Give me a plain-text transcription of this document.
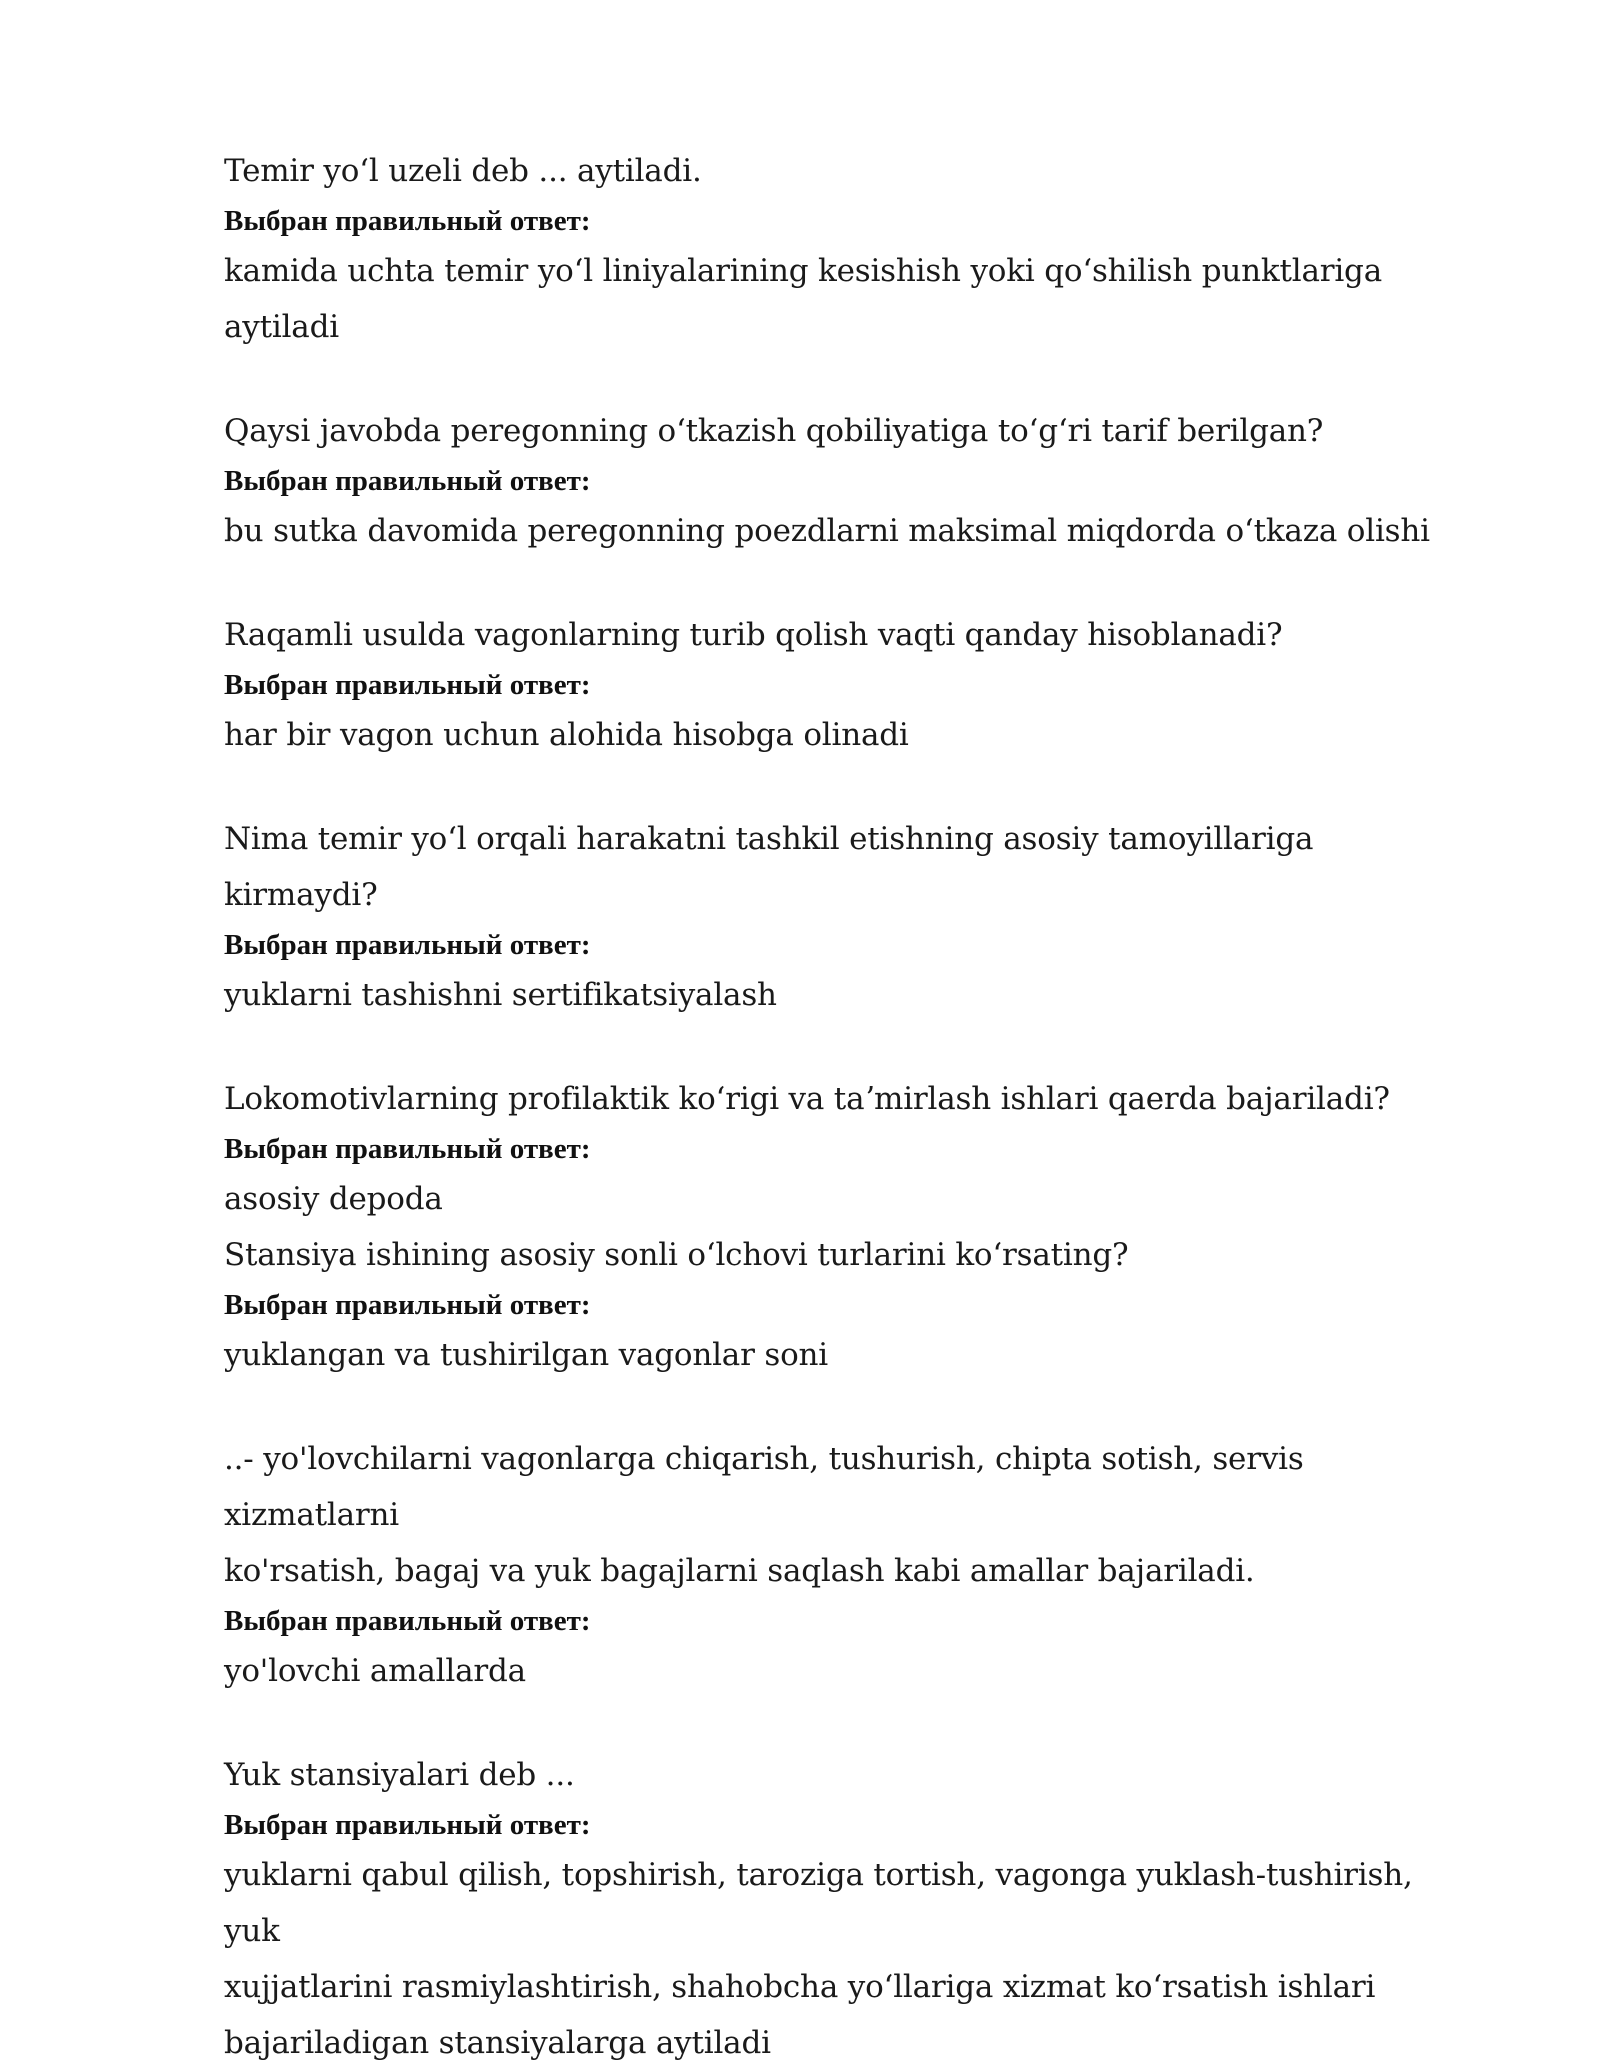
Temir yoʻl uzeli deb ... aytiladi.

Выбран правильный ответ:

kamida uchta temir yoʻl liniyalarining kesishish yoki qoʻshilish punktlariga aytiladi

Qaysi javobda peregonning oʻtkazish qobiliyatiga toʻgʻri tarif berilgan?

Выбран правильный ответ:

bu sutka davomida peregonning poezdlarni maksimal miqdorda oʻtkaza olishi

Raqamli usulda vagonlarning turib qolish vaqti qanday hisoblanadi?

Выбран правильный ответ:

har bir vagon uchun alohida hisobga olinadi

Nima temir yoʻl orqali harakatni tashkil etishning asosiy tamoyillariga kirmaydi?

Выбран правильный ответ:

yuklarni tashishni sertifikatsiyalash

Lokomotivlarning profilaktik koʻrigi va taʼmirlash ishlari qaerda bajariladi?

Выбран правильный ответ:

asosiy depoda

Stansiya ishining asosiy sonli oʻlchovi turlarini koʻrsating?

Выбран правильный ответ:

yuklangan va tushirilgan vagonlar soni

..- yo'lovchilarni vagonlarga chiqarish, tushurish, chipta sotish, servis xizmatlarni
ko'rsatish, bagaj va yuk bagajlarni saqlash kabi amallar bajariladi.

Выбран правильный ответ:

yo'lovchi amallarda

Yuk stansiyalari deb ...

Выбран правильный ответ:

yuklarni qabul qilish, topshirish, taroziga tortish, vagonga yuklash-tushirish, yuk
xujjatlarini rasmiylashtirish, shahobcha yoʻllariga xizmat koʻrsatish ishlari
bajariladigan stansiyalarga aytiladi
